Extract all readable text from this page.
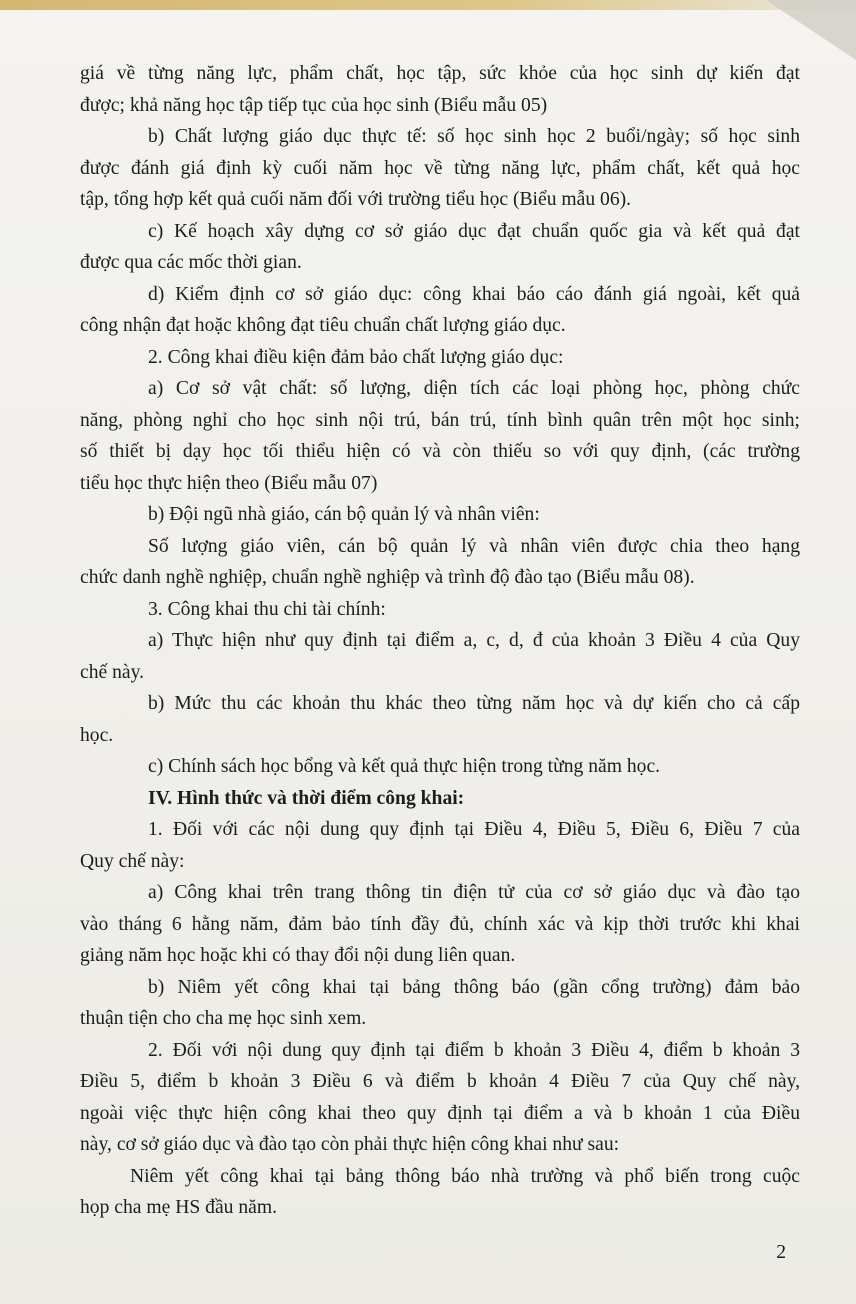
giá về từng năng lực, phẩm chất, học tập, sức khỏe của học sinh dự kiến đạt
được; khả năng học tập tiếp tục của học sinh (Biểu mẫu 05)
b) Chất lượng giáo dục thực tế: số học sinh học 2 buổi/ngày; số học sinh
được đánh giá định kỳ cuối năm học về từng năng lực, phẩm chất, kết quả học
tập, tổng hợp kết quả cuối năm đối với trường tiểu học (Biểu mẫu 06).
c) Kế hoạch xây dựng cơ sở giáo dục đạt chuẩn quốc gia và kết quả đạt
được qua các mốc thời gian.
d) Kiểm định cơ sở giáo dục: công khai báo cáo đánh giá ngoài, kết quả
công nhận đạt hoặc không đạt tiêu chuẩn chất lượng giáo dục.
2. Công khai điều kiện đảm bảo chất lượng giáo dục:
a) Cơ sở vật chất: số lượng, diện tích các loại phòng học, phòng chức
năng, phòng nghỉ cho học sinh nội trú, bán trú, tính bình quân trên một học sinh;
số thiết bị dạy học tối thiểu hiện có và còn thiếu so với quy định, (các trường
tiểu học thực hiện theo (Biểu mẫu 07)
b) Đội ngũ nhà giáo, cán bộ quản lý và nhân viên:
Số lượng giáo viên, cán bộ quản lý và nhân viên được chia theo hạng
chức danh nghề nghiệp, chuẩn nghề nghiệp và trình độ đào tạo (Biểu mẫu 08).
3. Công khai thu chi tài chính:
a) Thực hiện như quy định tại điểm a, c, d, đ của khoản 3 Điều 4 của Quy
chế này.
b) Mức thu các khoản thu khác theo từng năm học và dự kiến cho cả cấp
học.
c) Chính sách học bổng và kết quả thực hiện trong từng năm học.
IV. Hình thức và thời điểm công khai:
1. Đối với các nội dung quy định tại Điều 4, Điều 5, Điều 6, Điều 7 của
Quy chế này:
a) Công khai trên trang thông tin điện tử của cơ sở giáo dục và đào tạo
vào tháng 6 hằng năm, đảm bảo tính đầy đủ, chính xác và kịp thời trước khi khai
giảng năm học hoặc khi có thay đổi nội dung liên quan.
b) Niêm yết công khai tại bảng thông báo (gần cổng trường) đảm bảo
thuận tiện cho cha mẹ học sinh xem.
2. Đối với nội dung quy định tại điểm b khoản 3 Điều 4, điểm b khoản 3
Điều 5, điểm b khoản 3 Điều 6 và điểm b khoản 4 Điều 7 của Quy chế này,
ngoài việc thực hiện công khai theo quy định tại điểm a và b khoản 1 của Điều
này, cơ sở giáo dục và đào tạo còn phải thực hiện công khai như sau:
Niêm yết công khai tại bảng thông báo nhà trường và phổ biến trong cuộc
họp cha mẹ HS đầu năm.
2
